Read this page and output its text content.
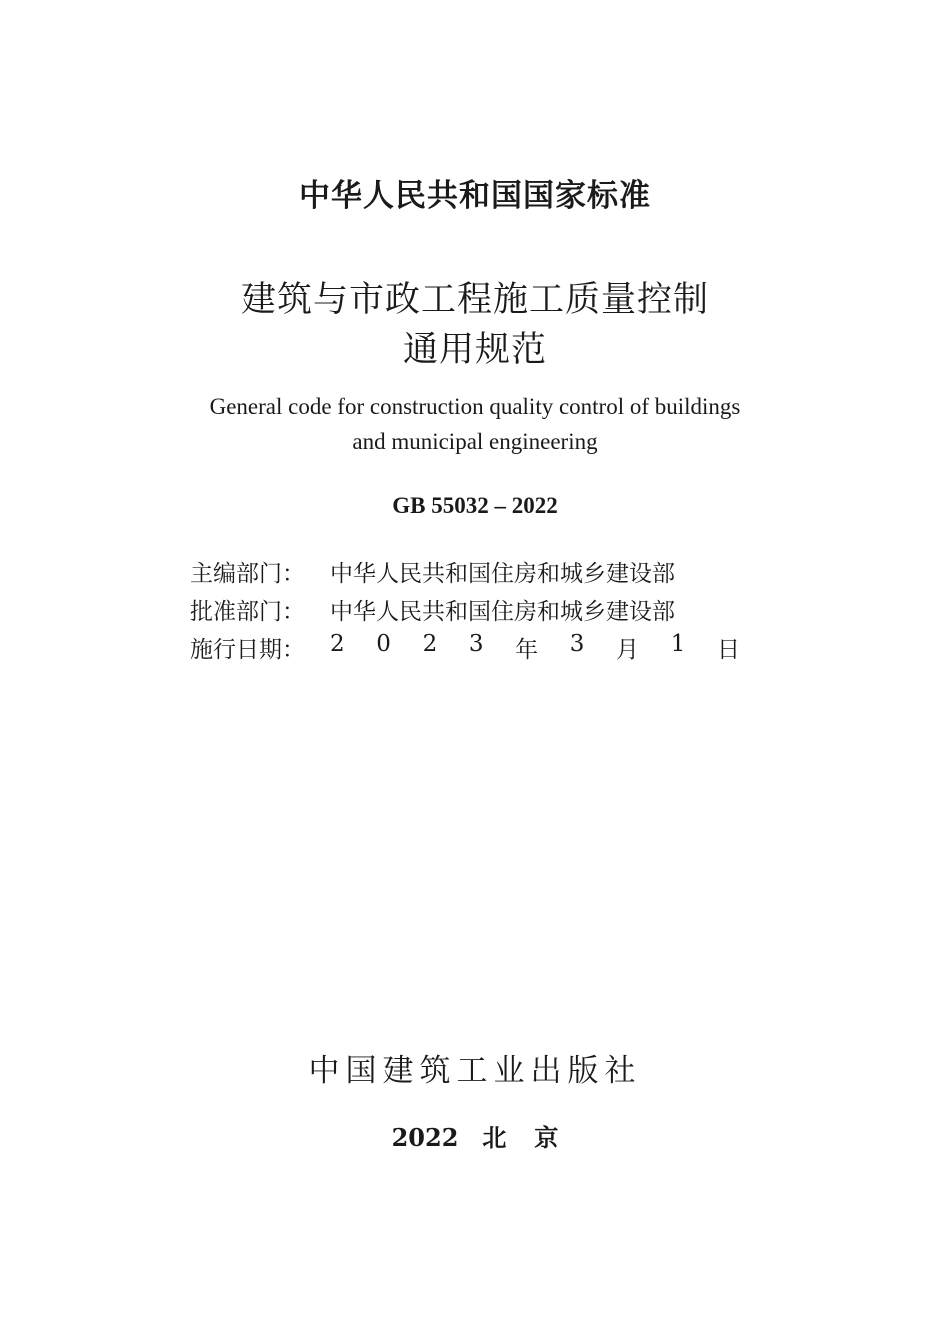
中华人民共和国国家标准
建筑与市政工程施工质量控制
通用规范
General code for construction quality control of buildings
and municipal engineering
GB 55032 – 2022
主编部门： 中华人民共和国住房和城乡建设部
批准部门： 中华人民共和国住房和城乡建设部
施行日期： 2 0 2 3 年 3 月 1 日
中国建筑工业出版社
2022 北 京
